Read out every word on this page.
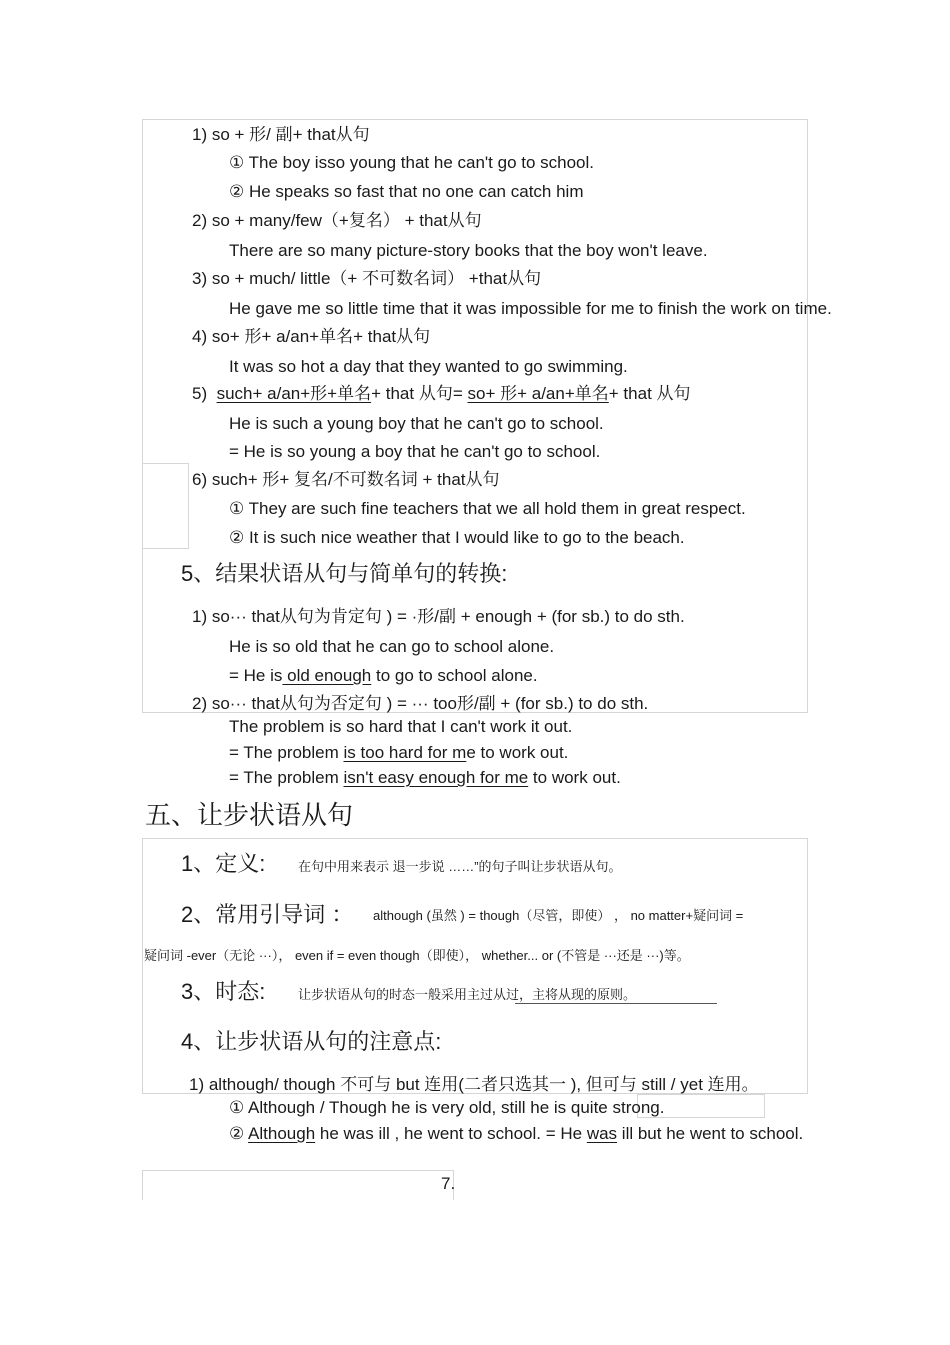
1) so + 形/ 副+ that从句
① The boy isso young that he can't go to school.
② He speaks so fast that no one can catch him
2) so + many/few（+复名） + that从句
There are so many picture-story books that the boy won't leave.
3) so + much/ little（+ 不可数名词） +that从句
He gave me so little time that it was impossible for me to finish the work on time.
4) so+ 形+ a/an+单名+ that从句
It was so hot a day that they wanted to go swimming.
5) such+ a/an+形+单名+ that 从句= so+ 形+ a/an+单名+ that 从句
He is such a young boy that he can't go to school.
= He is so young a boy that he can't go to school.
6) such+ 形+ 复名/不可数名词 + that从句
① They are such fine teachers that we all hold them in great respect.
② It is such nice weather that I would like to go to the beach.
5、结果状语从句与简单句的转换:
1) so··· that从句为肯定句 ) = ·形/副 + enough + (for sb.) to do sth.
He is so old that he can go to school alone.
= He is old enough to go to school alone.
2) so··· that从句为否定句 ) = ··· too形/副 + (for sb.) to do sth.
The problem is so hard that I can't work it out.
= The problem is too hard for me to work out.
= The problem isn't easy enough for me to work out.
五、让步状语从句
1、定义:	在句中用来表示 退一步说 ……”的句子叫让步状语从句。
2、常用引导词 ： although (虽然 ) = though（尽管，即使） ， no matter+疑问词 =
疑问词 -ever（无论 ···）， even if = even though（即使）， whether... or (不管是 ···还是 ···)等。
3、时态:	让步状语从句的时态一般采用主过从过，主将从现的原则。
4、让步状语从句的注意点:
1) although/ though 不可与 but 连用(二者只选其一 ), 但可与 still / yet 连用。
① Although / Though he is very old, still he is quite strong.
② Although he was ill , he went to school. = He was ill but he went to school.
7.
